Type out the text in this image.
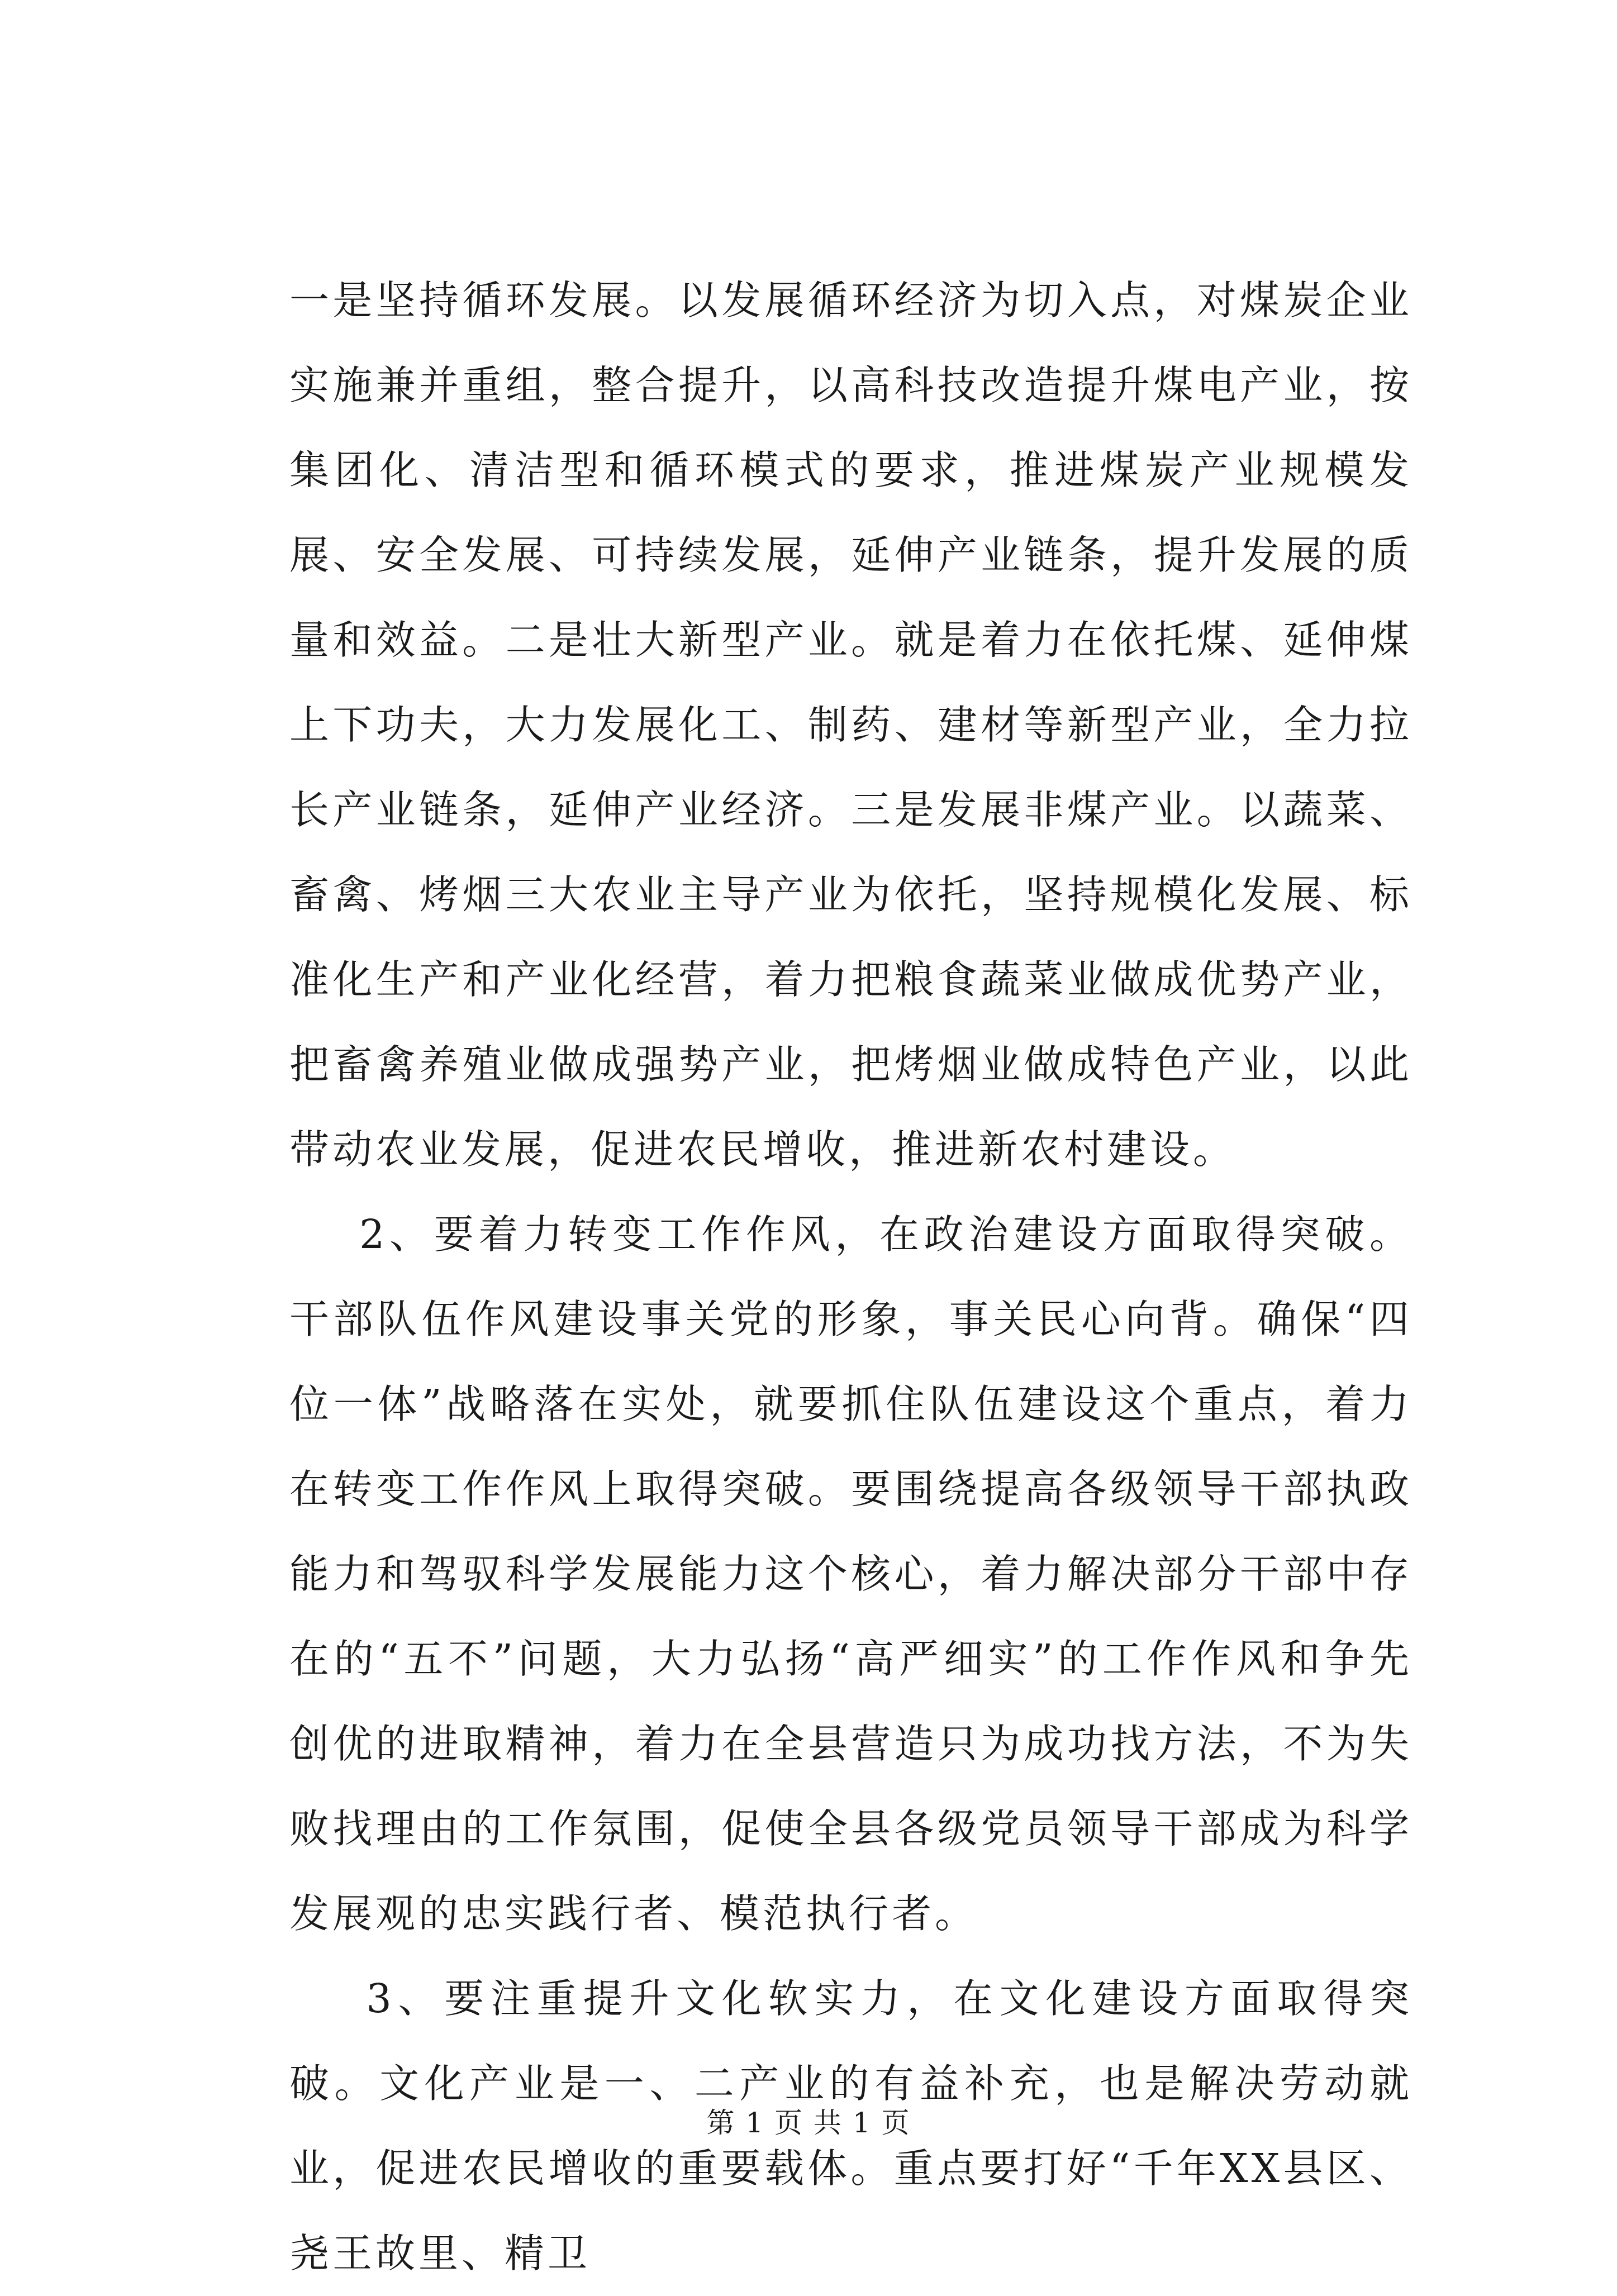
一是坚持循环发展。以发展循环经济为切入点，对煤炭企业实施兼并重组，整合提升，以高科技改造提升煤电产业，按集团化、清洁型和循环模式的要求，推进煤炭产业规模发展、安全发展、可持续发展，延伸产业链条，提升发展的质量和效益。二是壮大新型产业。就是着力在依托煤、延伸煤上下功夫，大力发展化工、制药、建材等新型产业，全力拉长产业链条，延伸产业经济。三是发展非煤产业。以蔬菜、畜禽、烤烟三大农业主导产业为依托，坚持规模化发展、标准化生产和产业化经营，着力把粮食蔬菜业做成优势产业，把畜禽养殖业做成强势产业，把烤烟业做成特色产业，以此带动农业发展，促进农民增收，推进新农村建设。

2、要着力转变工作作风，在政治建设方面取得突破。干部队伍作风建设事关党的形象，事关民心向背。确保“四位一体”战略落在实处，就要抓住队伍建设这个重点，着力在转变工作作风上取得突破。要围绕提高各级领导干部执政能力和驾驭科学发展能力这个核心，着力解决部分干部中存在的“五不”问题，大力弘扬“高严细实”的工作作风和争先创优的进取精神，着力在全县营造只为成功找方法，不为失败找理由的工作氛围，促使全县各级党员领导干部成为科学发展观的忠实践行者、模范执行者。

3、要注重提升文化软实力，在文化建设方面取得突破。文化产业是一、二产业的有益补充，也是解决劳动就业，促进农民增收的重要载体。重点要打好“千年XX县区、尧王故里、精卫

第 1 页 共 1 页
